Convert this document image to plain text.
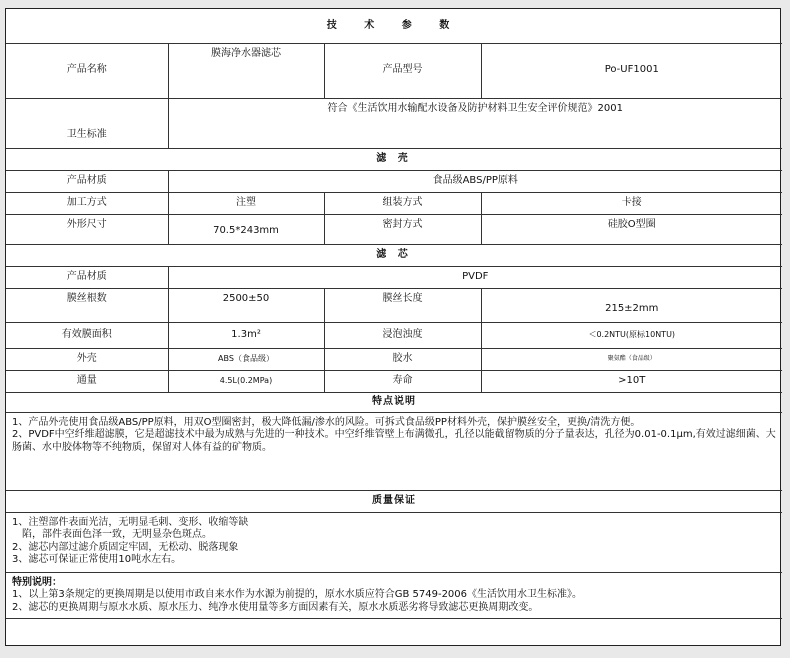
技 术 参 数			
产品名称	膜海净水器滤芯	产品型号	Po-UF1001
卫生标准	符合《生活饮用水输配水设备及防护材料卫生安全评价规范》2001		
滤 壳			
产品材质	食品级ABS/PP原料		
加工方式	注塑	组装方式	卡接
外形尺寸	70.5*243mm	密封方式	硅胶O型圈
滤 芯			
产品材质	PVDF		
膜丝根数	2500±50	膜丝长度	215±2mm
有效膜面积	1.3m²	浸泡浊度	＜0.2NTU(原标10NTU)
外壳	ABS（食品级）	胶水	聚氨酯（食品级）
通量	4.5L(0.2MPa)	寿命	>10T
特点说明			

1、产品外壳使用食品级ABS/PP原料，用双O型圈密封，极大降低漏/渗水的风险。可拆式食品级PP材料外壳，保护膜丝安全，更换/清洗方便。
2、PVDF中空纤维超滤膜，它是超滤技术中最为成熟与先进的一种技术。中空纤维管壁上布满微孔，孔径以能截留物质的分子量表达，孔径为0.01-0.1μm,有效过滤细菌、大肠菌、水中胶体物等不纯物质，保留对人体有益的矿物质。			

质量保证			

1、注塑部件表面光洁，无明显毛刺、变形、收缩等缺
陷，部件表面色泽一致，无明显杂色斑点。
2、滤芯内部过滤介质固定牢固，无松动、脱落现象
3、滤芯可保证正常使用10吨水左右。			

特别说明：
1、以上第3条规定的更换周期是以使用市政自来水作为水源为前提的，原水水质应符合GB 5749-2006《生活饮用水卫生标准》。
2、滤芯的更换周期与原水水质、原水压力、纯净水使用量等多方面因素有关，原水水质恶劣将导致滤芯更换周期改变。			
